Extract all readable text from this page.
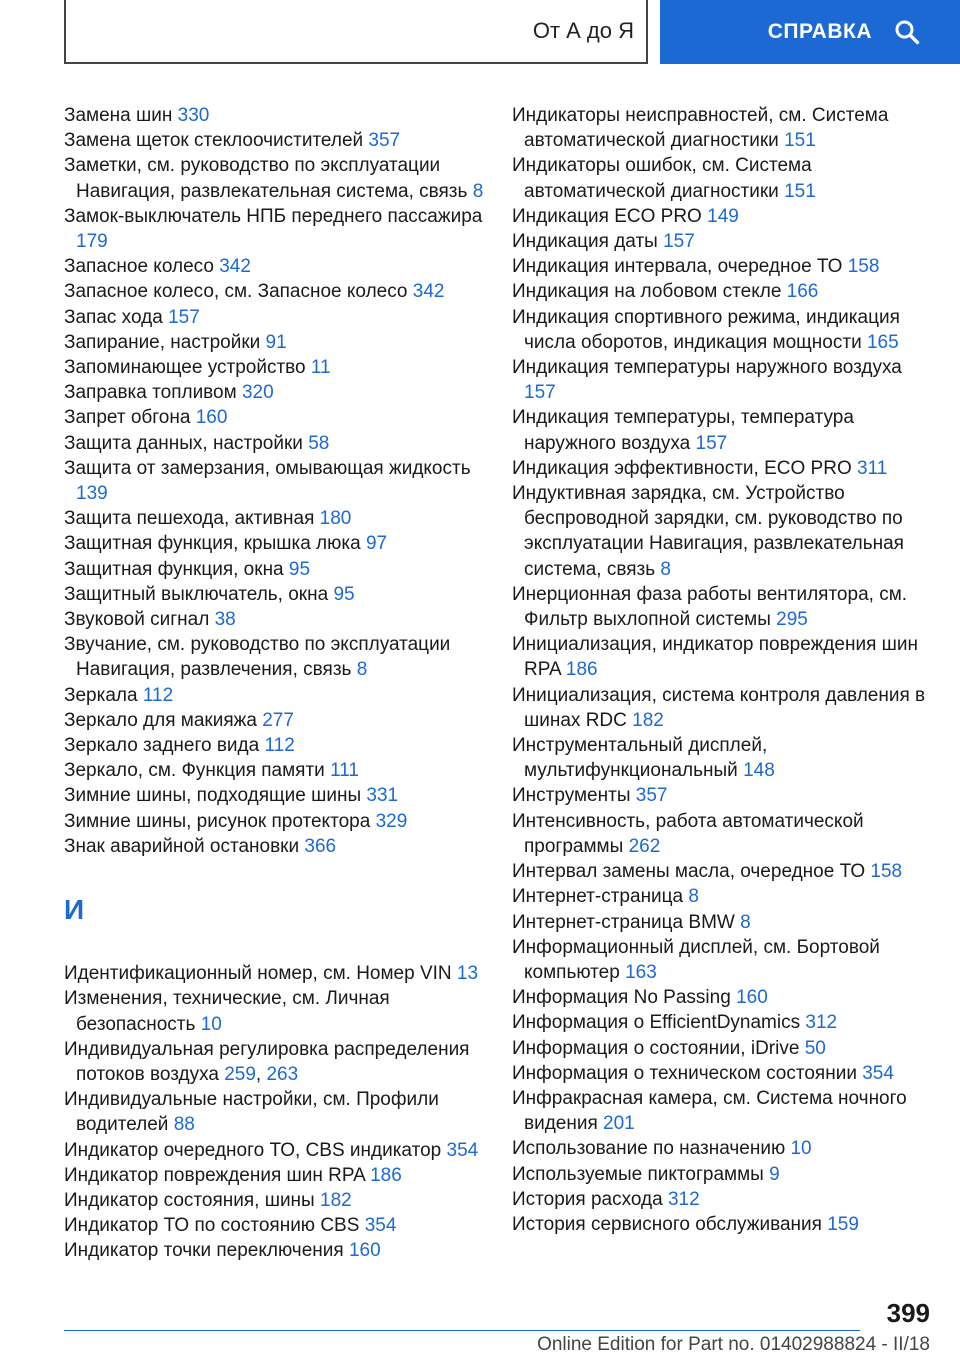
От А до Я	СПРАВКА
Замена шин 330
Замена щеток стеклоочистителей 357
Заметки, см. руководство по эксплуатации Навигация, развлекательная система, связь 8
Замок-выключатель НПБ переднего пассажира 179
Запасное колесо 342
Запасное колесо, см. Запасное колесо 342
Запас хода 157
Запирание, настройки 91
Запоминающее устройство 11
Заправка топливом 320
Запрет обгона 160
Защита данных, настройки 58
Защита от замерзания, омывающая жидкость 139
Защита пешехода, активная 180
Защитная функция, крышка люка 97
Защитная функция, окна 95
Защитный выключатель, окна 95
Звуковой сигнал 38
Звучание, см. руководство по эксплуатации Навигация, развлечения, связь 8
Зеркала 112
Зеркало для макияжа 277
Зеркало заднего вида 112
Зеркало, см. Функция памяти 111
Зимние шины, подходящие шины 331
Зимние шины, рисунок протектора 329
Знак аварийной остановки 366
И
Идентификационный номер, см. Номер VIN 13
Изменения, технические, см. Личная безопасность 10
Индивидуальная регулировка распределения потоков воздуха 259, 263
Индивидуальные настройки, см. Профили водителей 88
Индикатор очередного ТО, CBS индикатор 354
Индикатор повреждения шин RPA 186
Индикатор состояния, шины 182
Индикатор ТО по состоянию CBS 354
Индикатор точки переключения 160
Индикаторы неисправностей, см. Система автоматической диагностики 151
Индикаторы ошибок, см. Система автоматической диагностики 151
Индикация ECO PRO 149
Индикация даты 157
Индикация интервала, очередное ТО 158
Индикация на лобовом стекле 166
Индикация спортивного режима, индикация числа оборотов, индикация мощности 165
Индикация температуры наружного воздуха 157
Индикация температуры, температура наружного воздуха 157
Индикация эффективности, ECO PRO 311
Индуктивная зарядка, см. Устройство беспроводной зарядки, см. руководство по эксплуатации Навигация, развлекательная система, связь 8
Инерционная фаза работы вентилятора, см. Фильтр выхлопной системы 295
Инициализация, индикатор повреждения шин RPA 186
Инициализация, система контроля давления в шинах RDC 182
Инструментальный дисплей, мультифункциональный 148
Инструменты 357
Интенсивность, работа автоматической программы 262
Интервал замены масла, очередное ТО 158
Интернет-страница 8
Интернет-страница BMW 8
Информационный дисплей, см. Бортовой компьютер 163
Информация No Passing 160
Информация о EfficientDynamics 312
Информация о состоянии, iDrive 50
Информация о техническом состоянии 354
Инфракрасная камера, см. Система ночного видения 201
Использование по назначению 10
Используемые пиктограммы 9
История расхода 312
История сервисного обслуживания 159
399
Online Edition for Part no. 01402988824 - II/18
